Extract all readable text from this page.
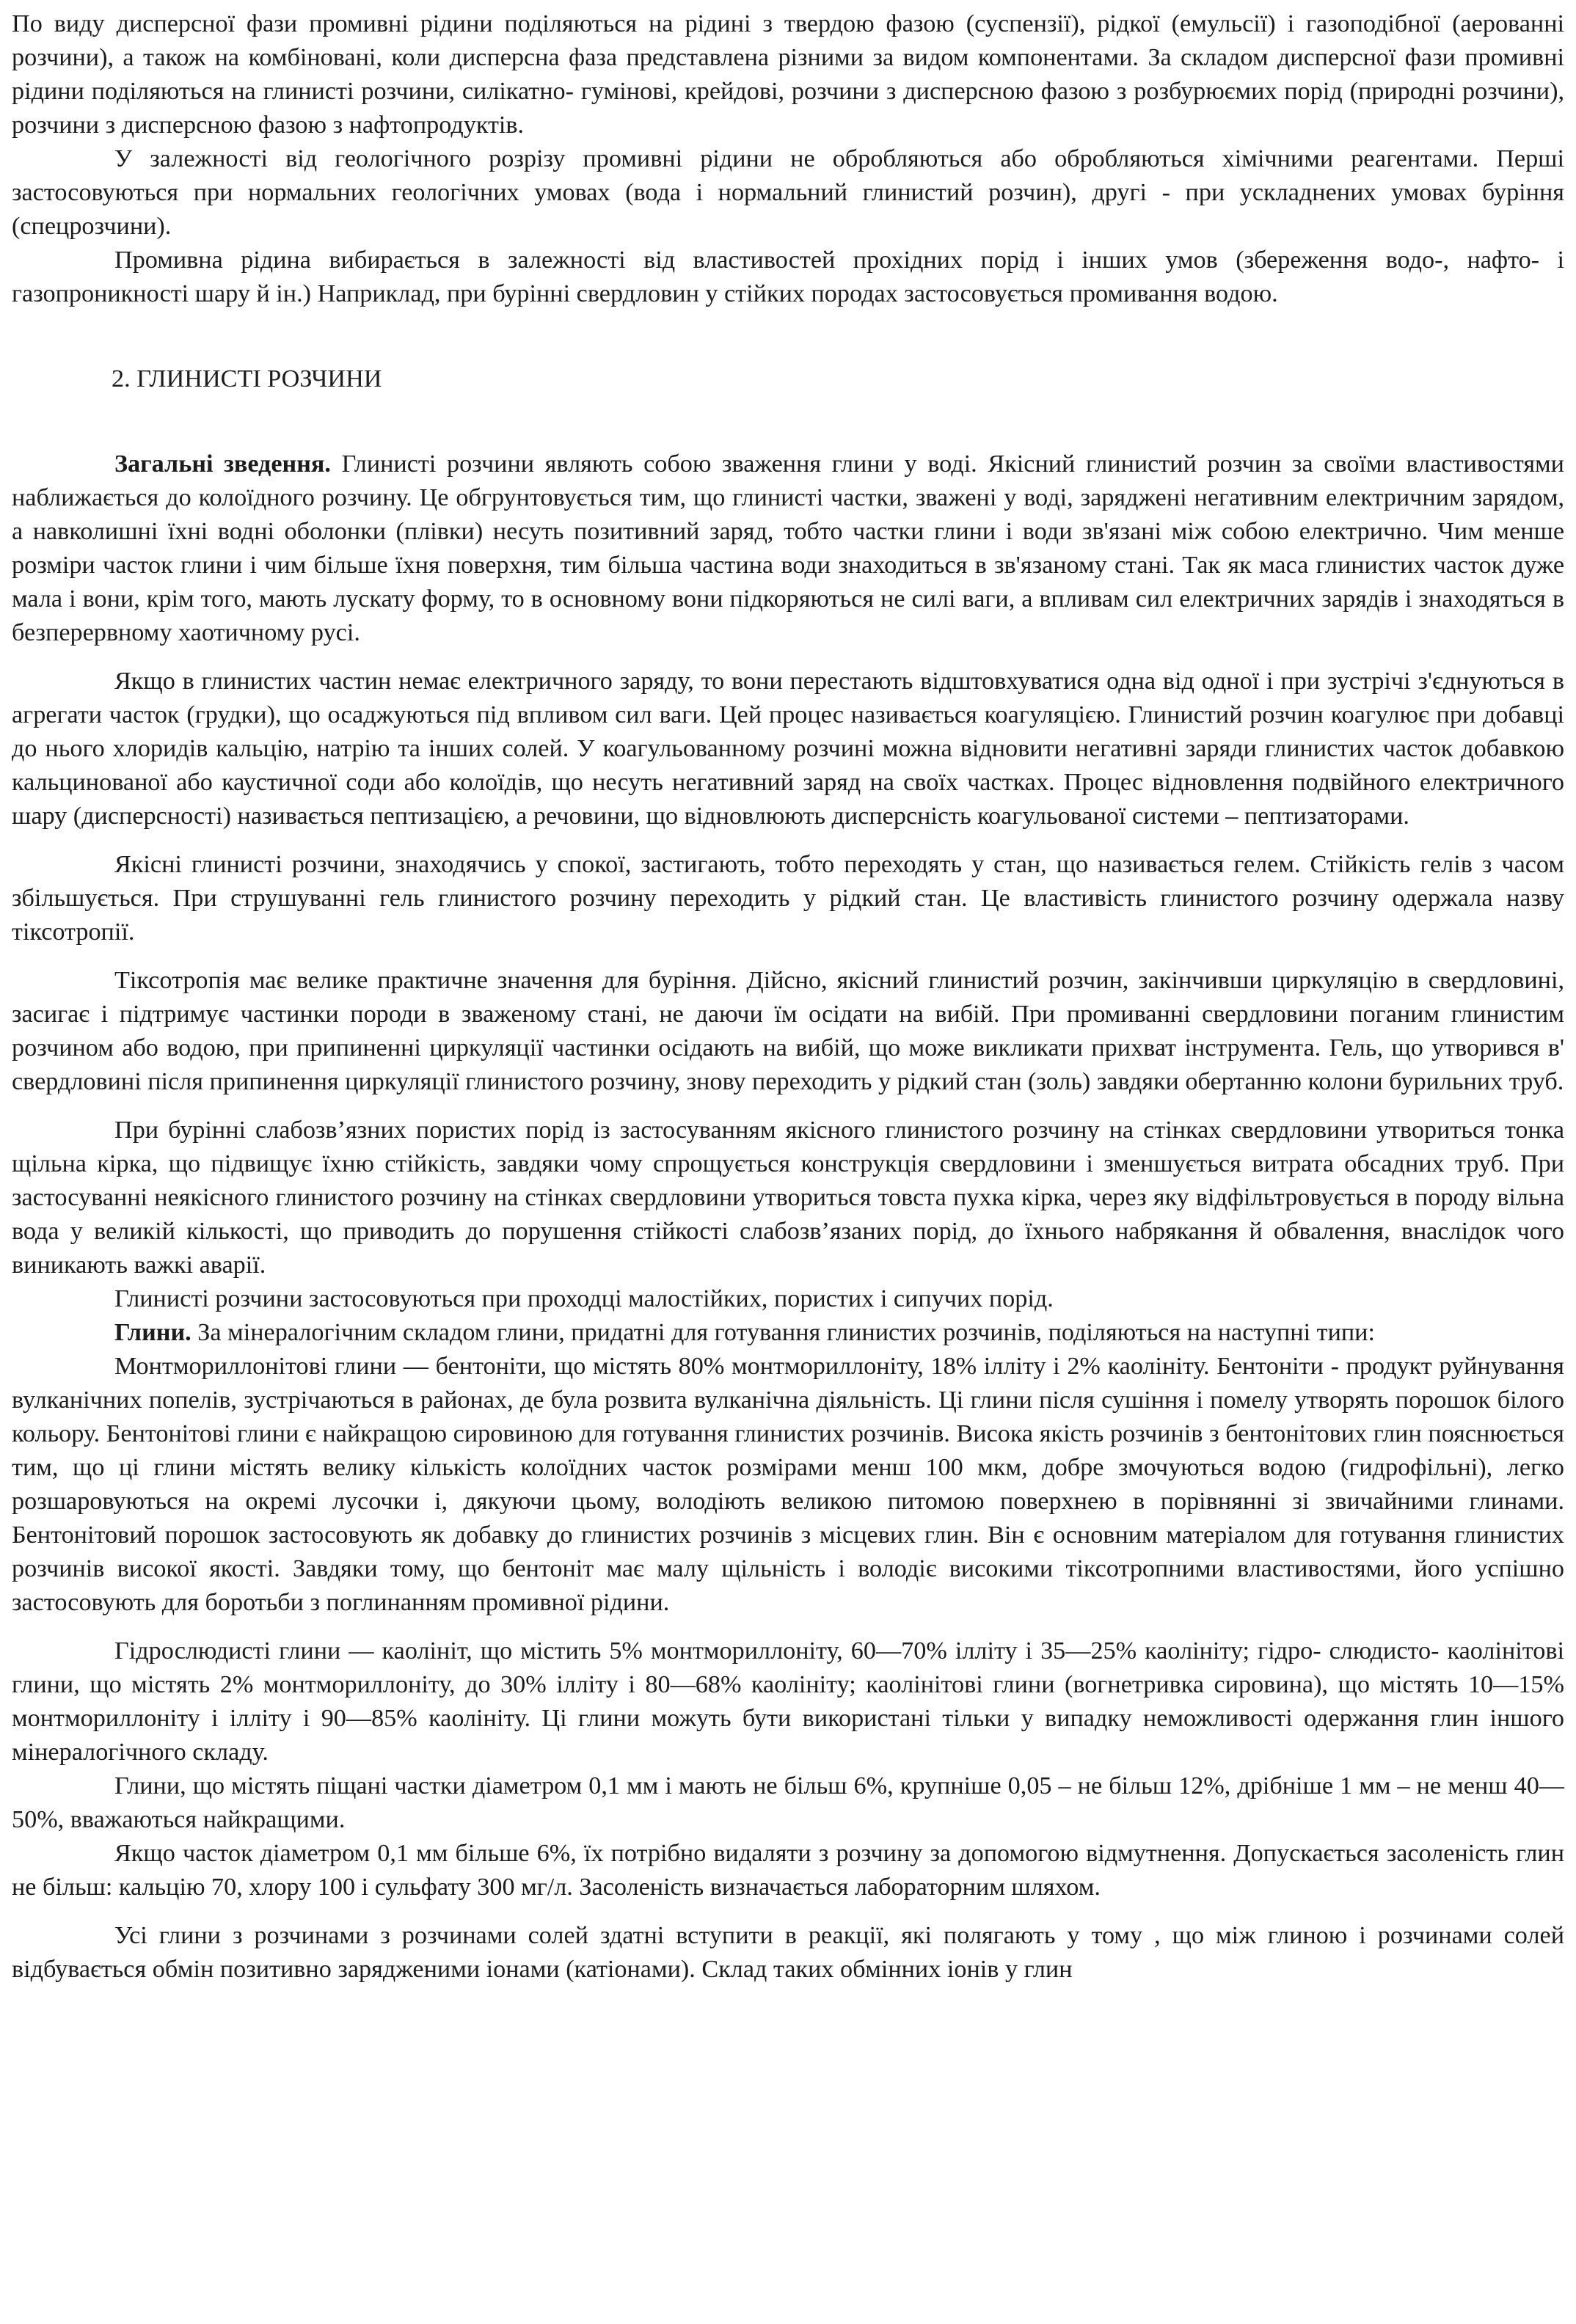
По виду дисперсної фази промивні рідини поділяються на рідині з твердою фазою (суспензії), рідкої (емульсії) і газоподібної (аерованні розчини), а також на комбіновані, коли дисперсна фаза представлена різними за видом компонентами. За складом дисперсної фази промивні рідини поділяються на глинисті розчини, силікатно- гумінові, крейдові, розчини з дисперсною фазою з розбурюємих порід (природні розчини), розчини з дисперсною фазою з нафтопродуктів.

У залежності від геологічного розрізу промивні рідини не обробляються або обробляються хімічними реагентами. Перші застосовуються при нормальних геологічних умовах (вода і нормальний глинистий розчин), другі - при ускладнених умовах буріння (спецрозчини).

Промивна рідина вибирається в залежності від властивостей прохідних порід і інших умов (збереження водо-, нафто- і газопроникності шару й ін.) Наприклад, при бурінні свердловин у стійких породах застосовується промивання водою.

2. ГЛИНИСТІ РОЗЧИНИ

Загальні зведення. Глинисті розчини являють собою зваження глини у воді. Якісний глинистий розчин за своїми властивостями наближається до колоїдного розчину. Це обгрунтовується тим, що глинисті частки, зважені у воді, заряджені негативним електричним зарядом, а навколишні їхні водні оболонки (плівки) несуть позитивний заряд, тобто частки глини і води зв'язані між собою електрично. Чим менше розміри часток глини і чим більше їхня поверхня, тим більша частина води знаходиться в зв'язаному стані. Так як маса глинистих часток дуже мала і вони, крім того, мають лускату форму, то в основному вони підкоряються не силі ваги, а впливам сил електричних зарядів і знаходяться в безперервному хаотичному русі.

Якщо в глинистих частин немає електричного заряду, то вони перестають відштовхуватися одна від одної і при зустрічі з'єднуються в агрегати часток (грудки), що осаджуються під впливом сил ваги. Цей процес називається коагуляцією. Глинистий розчин коагулює при добавці до нього хлоридів кальцію, натрію та інших солей. У коагульованному розчині можна відновити негативні заряди глинистих часток добавкою кальцинованої або каустичної соди або колоїдів, що несуть негативний заряд на своїх частках. Процес відновлення подвійного електричного шару (дисперсності) називається пептизацією, а речовини, що відновлюють дисперсність коагульованої системи – пептизаторами.

Якісні глинисті розчини, знаходячись у спокої, застигають, тобто переходять у стан, що називається гелем. Стійкість гелів з часом збільшується. При струшуванні гель глинистого розчину переходить у рідкий стан. Це властивість глинистого розчину одержала назву тіксотропії.

Тіксотропія має велике практичне значення для буріння. Дійсно, якісний глинистий розчин, закінчивши циркуляцію в свердловині, засигає і підтримує частинки породи в зваженому стані, не даючи їм осідати на вибій. При промиванні свердловини поганим глинистим розчином або водою, при припиненні циркуляції частинки осідають на вибій, що може викликати прихват інструмента. Гель, що утворився в' свердловині після припинення циркуляції глинистого розчину, знову переходить у рідкий стан (золь) завдяки обертанню колони бурильних труб.

При бурінні слабозв’язних пористих порід із застосуванням якісного глинистого розчину на стінках свердловини утвориться тонка щільна кірка, що підвищує їхню стійкість, завдяки чому спрощується конструкція свердловини і зменшується витрата обсадних труб. При застосуванні неякісного глинистого розчину на стінках свердловини утвориться товста пухка кірка, через яку відфільтровується в породу вільна вода у великій кількості, що приводить до порушення стійкості слабозв’язаних порід, до їхнього набрякання й обвалення, внаслідок чого виникають важкі аварії.

Глинисті розчини застосовуються при проходці малостійких, пористих і сипучих порід.

Глини. За мінералогічним складом глини, придатні для готування глинистих розчинів, поділяються на наступні типи:

Монтмориллонітові глини — бентоніти, що містять 80% монтмориллоніту, 18% ілліту і 2% каолініту. Бентоніти - продукт руйнування вулканічних попелів, зустрічаються в районах, де була розвита вулканічна діяльність. Ці глини після сушіння і помелу утворять порошок білого кольору. Бентонітові глини є найкращою сировиною для готування глинистих розчинів. Висока якість розчинів з бентонітових глин пояснюється тим, що ці глини містять велику кількість колоїдних часток розмірами менш 100 мкм, добре змочуються водою (гидрофільні), легко розшаровуються на окремі лусочки і, дякуючи цьому, володіють великою питомою поверхнею в порівнянні зі звичайними глинами. Бентонітовий порошок застосовують як добавку до глинистих розчинів з місцевих глин. Він є основним матеріалом для готування глинистих розчинів високої якості. Завдяки тому, що бентоніт має малу щільність і володіє високими тіксотропними властивостями, його успішно застосовують для боротьби з поглинанням промивної рідини.

Гідрослюдисті глини — каолініт, що містить 5% монтмориллоніту, 60—70% ілліту і 35—25% каолініту; гідро- слюдисто- каолінітові глини, що містять 2% монтмориллоніту, до 30% ілліту і 80—68% каолініту; каолінітові глини (вогнетривка сировина), що містять 10—15% монтмориллоніту і ілліту і 90—85% каолініту. Ці глини можуть бути використані тільки у випадку неможливості одержання глин іншого мінералогічного складу.

Глини, що містять піщані частки діаметром 0,1 мм і мають не більш 6%, крупніше 0,05 – не більш 12%, дрібніше 1 мм – не менш 40—50%, вважаються найкращими.

Якщо часток діаметром 0,1 мм більше 6%, їх потрібно видаляти з розчину за допомогою відмутнення. Допускається засоленість глин не більш: кальцію 70, хлору 100 і сульфату 300 мг/л. Засоленість визначається лабораторним шляхом.

Усі глини з розчинами з розчинами солей здатні вступити в реакції, які полягають у тому , що між глиною і розчинами солей відбувається обмін позитивно зарядженими іонами (катіонами). Склад таких обмінних іонів у глин
